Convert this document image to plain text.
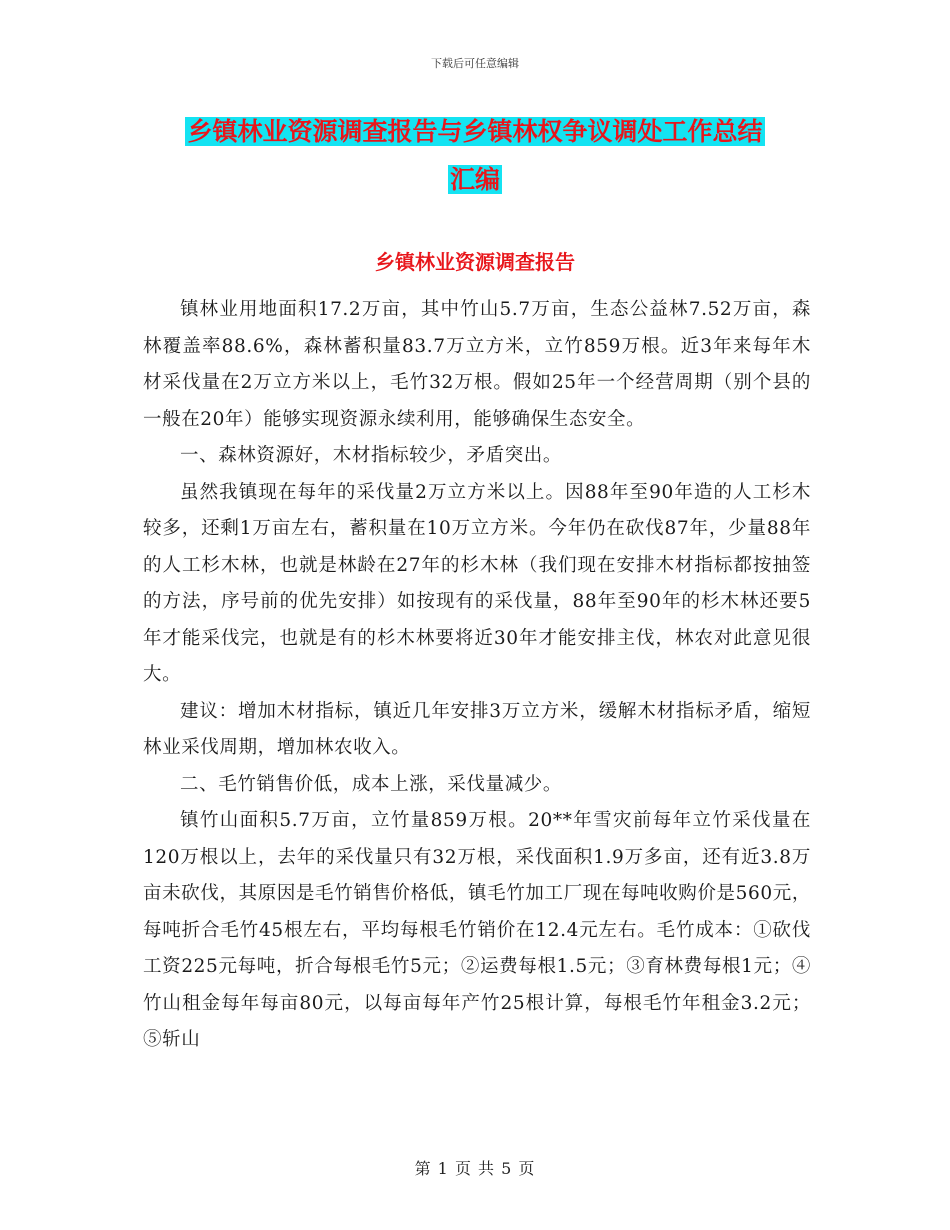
下载后可任意编辑
乡镇林业资源调查报告与乡镇林权争议调处工作总结
汇编
乡镇林业资源调查报告

镇林业用地面积17.2万亩，其中竹山5.7万亩，生态公益林7.52万亩，森林覆盖率88.6%，森林蓄积量83.7万立方米，立竹859万根。近3年来每年木材采伐量在2万立方米以上，毛竹32万根。假如25年一个经营周期（别个县的一般在20年）能够实现资源永续利用，能够确保生态安全。

一、森林资源好，木材指标较少，矛盾突出。

虽然我镇现在每年的采伐量2万立方米以上。因88年至90年造的人工杉木较多，还剩1万亩左右，蓄积量在10万立方米。今年仍在砍伐87年，少量88年的人工杉木林，也就是林龄在27年的杉木林（我们现在安排木材指标都按抽签的方法，序号前的优先安排）如按现有的采伐量，88年至90年的杉木林还要5年才能采伐完，也就是有的杉木林要将近30年才能安排主伐，林农对此意见很大。

建议：增加木材指标，镇近几年安排3万立方米，缓解木材指标矛盾，缩短林业采伐周期，增加林农收入。

二、毛竹销售价低，成本上涨，采伐量减少。

镇竹山面积5.7万亩，立竹量859万根。20**年雪灾前每年立竹采伐量在120万根以上，去年的采伐量只有32万根，采伐面积1.9万多亩，还有近3.8万亩未砍伐，其原因是毛竹销售价格低，镇毛竹加工厂现在每吨收购价是560元，每吨折合毛竹45根左右，平均每根毛竹销价在12.4元左右。毛竹成本：①砍伐工资225元每吨，折合每根毛竹5元；②运费每根1.5元；③育林费每根1元；④竹山租金每年每亩80元，以每亩每年产竹25根计算，每根毛竹年租金3.2元；⑤斩山

第 1 页 共 5 页
